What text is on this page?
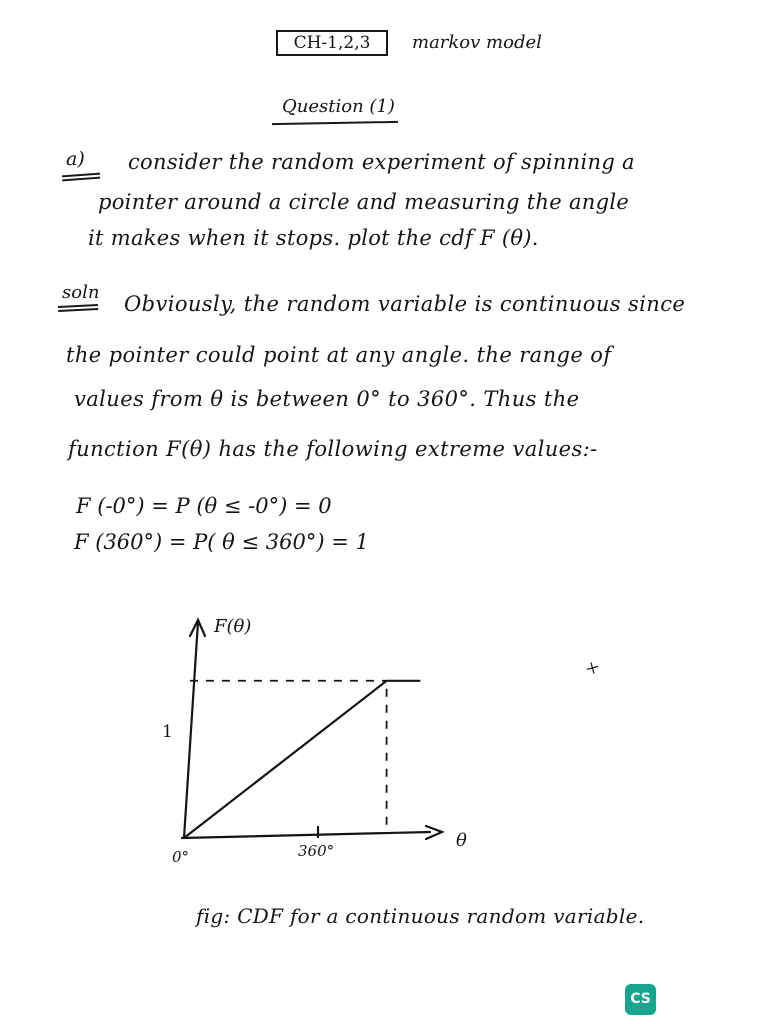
CH-1,2,3	markov model
Question (1)
a) consider the random experiment of spinning a
pointer around a circle and measuring the angle
it makes when it stops. plot the cdf F (θ).
soln Obviously, the random variable is continuous since
the pointer could point at any angle. the range of
values from θ is between 0° to 360°. Thus the
function F(θ) has the following extreme values:-
F (-0°) = P (θ ≤ -0°) = 0
F (360°) = P( θ ≤ 360°) = 1
F(θ)
θ
1
0°	360°
×
fig: CDF for a continuous random variable.
CS
